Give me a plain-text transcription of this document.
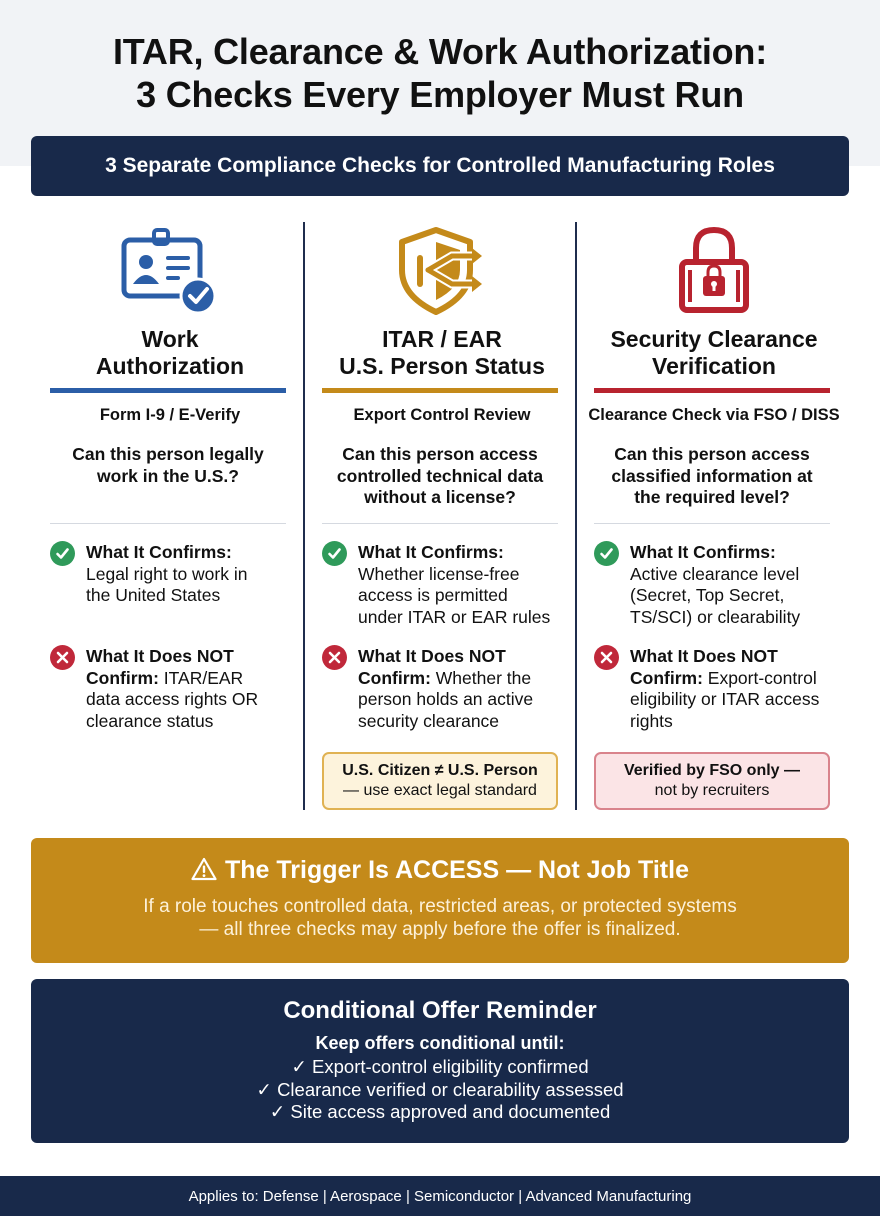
ITAR, Clearance & Work Authorization:
3 Checks Every Employer Must Run
3 Separate Compliance Checks for Controlled Manufacturing Roles
Work
Authorization
Form I-9 / E-Verify
Can this person legally
work in the U.S.?
What It Confirms:
Legal right to work in
the United States
What It Does NOT
Confirm: ITAR/EAR
data access rights OR
clearance status
ITAR / EAR
U.S. Person Status
Export Control Review
Can this person access
controlled technical data
without a license?
What It Confirms:
Whether license-free
access is permitted
under ITAR or EAR rules
What It Does NOT
Confirm: Whether the
person holds an active
security clearance
U.S. Citizen ≠ U.S. Person
— use exact legal standard
Security Clearance
Verification
Clearance Check via FSO / DISS
Can this person access
classified information at
the required level?
What It Confirms:
Active clearance level
(Secret, Top Secret,
TS/SCI) or clearability
What It Does NOT
Confirm: Export-control
eligibility or ITAR access
rights
Verified by FSO only —
not by recruiters
The Trigger Is ACCESS — Not Job Title
If a role touches controlled data, restricted areas, or protected systems
— all three checks may apply before the offer is finalized.
Conditional Offer Reminder
Keep offers conditional until:
✓ Export-control eligibility confirmed
✓ Clearance verified or clearability assessed
✓ Site access approved and documented
Applies to: Defense | Aerospace | Semiconductor | Advanced Manufacturing
